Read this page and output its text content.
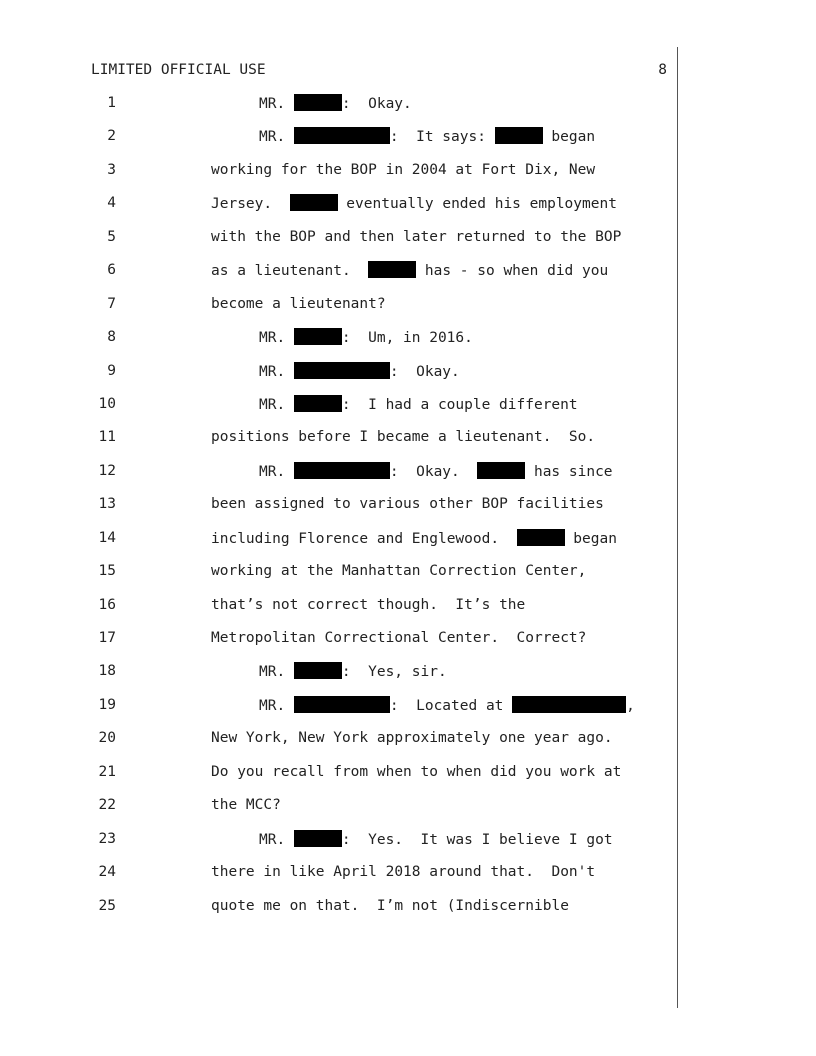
LIMITED OFFICIAL USE	8
1	MR.	:  Okay.
2	MR.	:  It says:	began
3	working for the BOP in 2004 at Fort Dix, New
4	Jersey.	eventually ended his employment
5	with the BOP and then later returned to the BOP
6	as a lieutenant.	has - so when did you
7	become a lieutenant?
8	MR.	:  Um, in 2016.
9	MR.	:  Okay.
10	MR.	:  I had a couple different
11	positions before I became a lieutenant.  So.
12	MR.	:  Okay.	has since
13	been assigned to various other BOP facilities
14	including Florence and Englewood.	began
15	working at the Manhattan Correction Center,
16	that’s not correct though.  It’s the
17	Metropolitan Correctional Center.  Correct?
18	MR.	:  Yes, sir.
19	MR.	:  Located at	,
20	New York, New York approximately one year ago.
21	Do you recall from when to when did you work at
22	the MCC?
23	MR.	:  Yes.  It was I believe I got
24	there in like April 2018 around that.  Don't
25	quote me on that.  I’m not (Indiscernible
